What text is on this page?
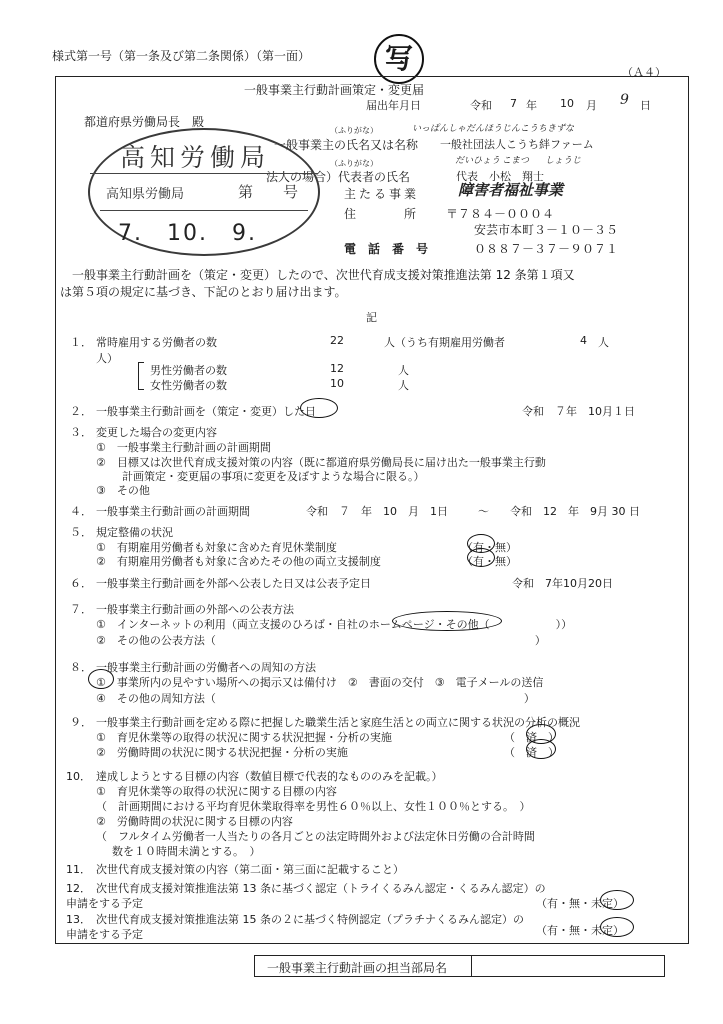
様式第一号（第一条及び第二条関係）（第一面）	写	（Ａ４）
一般事業主行動計画策定・変更届
届出年月日	令和 7 年 10 月 9 日
都道府県労働局長　殿
（ふりがな）	いっぱんしゃだんほうじんこうちきずな
一般事業主の氏名又は名称 一般社団法人こうち絆ファーム
（ふりがな）	だいひょう こまつ しょうじ
法人の場合）代表者の氏名	代表　小松　翔士
主たる事業	障害者福祉事業
住　　　　所 〒７８４－０００４
安芸市本町３－１０－３５
電　話　番　号	０８８７－３７－９０７１
高知労働局
高知県労働局	第　　号
7.　10.　9.
　一般事業主行動計画を（策定・変更）したので、次世代育成支援対策推進法第 12 条第１項又
は第５項の規定に基づき、下記のとおり届け出ます。
記
１． 常時雇用する労働者の数	22	人（うち有期雇用労働者	4 人
人）
男性労働者の数	12	人
女性労働者の数	10	人
２． 一般事業主行動計画を（策定・変更）した日	令和　７年　10月１日
３． 変更した場合の変更内容
①　一般事業主行動計画の計画期間
②　目標又は次世代育成支援対策の内容（既に都道府県労働局長に届け出た一般事業主行動
計画策定・変更届の事項に変更を及ぼすような場合に限る。）
③　その他
４． 一般事業主行動計画の計画期間	令和　７　年　10　月　1日	～ 令和　12　年　9月 30 日
５． 規定整備の状況
①　有期雇用労働者も対象に含めた育児休業制度	（有・無）
②　有期雇用労働者も対象に含めたその他の両立支援制度	（有・無）
６． 一般事業主行動計画を外部へ公表した日又は公表予定日	令和　7年10月20日
７． 一般事業主行動計画の外部への公表方法
①　インターネットの利用（両立支援のひろば・自社のホームページ・その他（　　　　　　））
②　その他の公表方法（　　　　　　　　　　　　　　　　　　　　　　　　　　　　　）
８． 一般事業主行動計画の労働者への周知の方法
①　事業所内の見やすい場所への掲示又は備付け　②　書面の交付　③　電子メールの送信
④　その他の周知方法（　　　　　　　　　　　　　　　　　　　　　　　　　　　　）
９． 一般事業主行動計画を定める際に把握した職業生活と家庭生活との両立に関する状況の分析の概況
①　育児休業等の取得の状況に関する状況把握・分析の実施	（　済　）
②　労働時間の状況に関する状況把握・分析の実施	（　済　）
10． 達成しようとする目標の内容（数値目標で代表的なもののみを記載。）
①　育児休業等の取得の状況に関する目標の内容
（　計画期間における平均育児休業取得率を男性６０％以上、女性１００％とする。　）
②　労働時間の状況に関する目標の内容
（　フルタイム労働者一人当たりの各月ごとの法定時間外および法定休日労働の合計時間
数を１０時間未満とする。　）
11． 次世代育成支援対策の内容（第二面・第三面に記載すること）
12． 次世代育成支援対策推進法第 13 条に基づく認定（トライくるみん認定・くるみん認定）の
申請をする予定	（有・無・未定）
13． 次世代育成支援対策推進法第 15 条の２に基づく特例認定（プラチナくるみん認定）の
申請をする予定	（有・無・未定）
一般事業主行動計画の担当部局名
